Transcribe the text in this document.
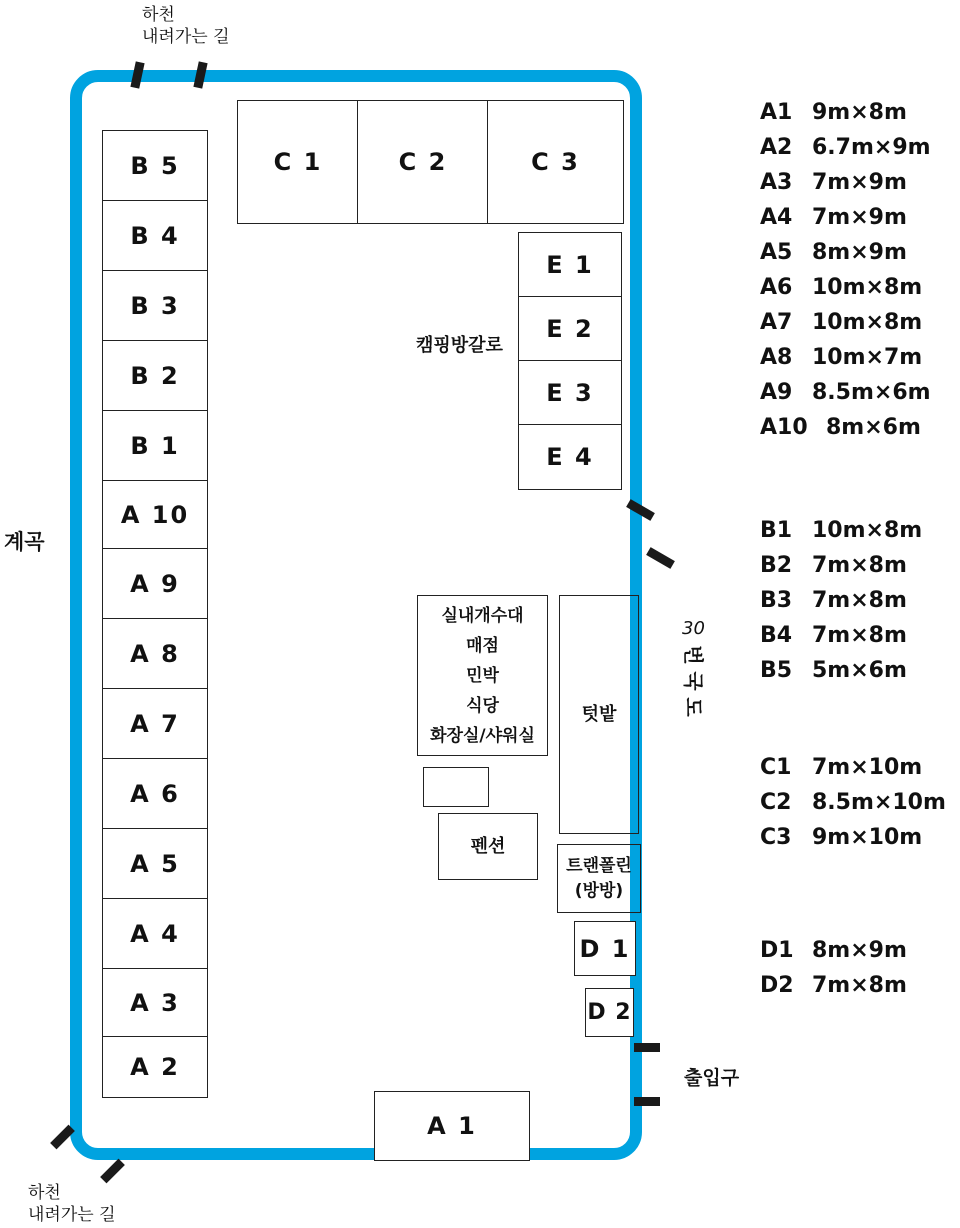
하천
내려가는 길
하천
내려가는 길
계곡
캠핑방갈로
출입구
30
번
국
도
B 5
B 4
B 3
B 2
B 1
A 10
A 9
A 8
A 7
A 6
A 5
A 4
A 3
A 2
C 1	C 2	C 3
E 1
E 2
E 3
E 4
실내개수대
매점
민박
식당
화장실/샤워실
펜션
텃밭
트랜폴린
(방방)
D 1
D 2
A 1
A1 9m×8m
A2 6.7m×9m
A3 7m×9m
A4 7m×9m
A5 8m×9m
A6 10m×8m
A7 10m×8m
A8 10m×7m
A9 8.5m×6m
A10 8m×6m
B1 10m×8m
B2 7m×8m
B3 7m×8m
B4 7m×8m
B5 5m×6m
C1 7m×10m
C2 8.5m×10m
C3 9m×10m
D1 8m×9m
D2 7m×8m
